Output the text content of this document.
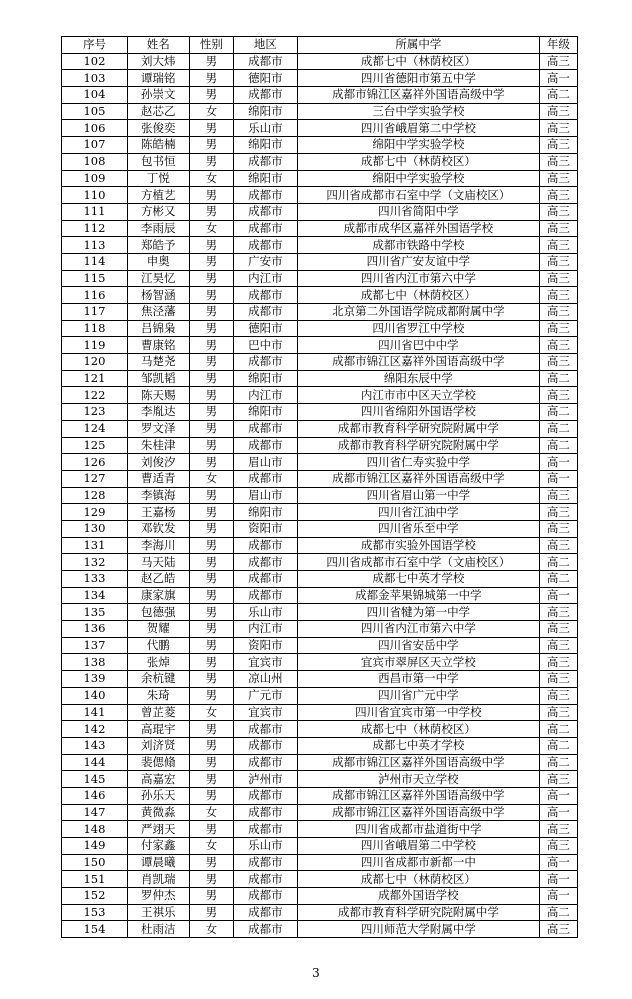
序号	姓名	性别	地区	所属中学	年级
102	刘大炜	男	成都市	成都七中（林荫校区）	高三
103	谭瑞铭	男	德阳市	四川省德阳市第五中学	高一
104	孙崇文	男	成都市	成都市锦江区嘉祥外国语高级中学	高二
105	赵芯乙	女	绵阳市	三台中学实验学校	高三
106	张俊奕	男	乐山市	四川省峨眉第二中学校	高三
107	陈皓楠	男	绵阳市	绵阳中学实验学校	高三
108	包书恒	男	成都市	成都七中（林荫校区）	高三
109	丁悦	女	绵阳市	绵阳中学实验学校	高三
110	方植艺	男	成都市	四川省成都市石室中学（文庙校区）	高三
111	方彬又	男	成都市	四川省简阳中学	高三
112	李雨辰	女	成都市	成都市成华区嘉祥外国语学校	高三
113	郑皓予	男	成都市	成都市铁路中学校	高三
114	申奥	男	广安市	四川省广安友谊中学	高三
115	江昊忆	男	内江市	四川省内江市第六中学	高三
116	杨智涵	男	成都市	成都七中（林荫校区）	高三
117	焦泾藩	男	成都市	北京第二外国语学院成都附属中学	高三
118	吕锦枭	男	德阳市	四川省罗江中学校	高三
119	曹康铭	男	巴中市	四川省巴中中学	高三
120	马楚尧	男	成都市	成都市锦江区嘉祥外国语高级中学	高三
121	邹凯韬	男	绵阳市	绵阳东辰中学	高二
122	陈天赐	男	内江市	内江市市中区天立学校	高三
123	李胤达	男	绵阳市	四川省绵阳外国语学校	高二
124	罗文泽	男	成都市	成都市教育科学研究院附属中学	高二
125	朱桂津	男	成都市	成都市教育科学研究院附属中学	高二
126	刘俊汐	男	眉山市	四川省仁寿实验中学	高一
127	曹适青	女	成都市	成都市锦江区嘉祥外国语高级中学	高一
128	李镇海	男	眉山市	四川省眉山第一中学	高三
129	王嘉杨	男	绵阳市	四川省江油中学	高三
130	邓钦发	男	资阳市	四川省乐至中学	高三
131	李海川	男	成都市	成都市实验外国语学校	高三
132	马天陆	男	成都市	四川省成都市石室中学（文庙校区）	高二
133	赵乙皓	男	成都市	成都七中英才学校	高二
134	康家旗	男	成都市	成都金苹果锦城第一中学	高一
135	包德强	男	乐山市	四川省犍为第一中学	高三
136	贺耀	男	内江市	四川省内江市第六中学	高三
137	代鹏	男	资阳市	四川省安岳中学	高三
138	张焯	男	宜宾市	宜宾市翠屏区天立学校	高三
139	余杭键	男	凉山州	西昌市第一中学	高三
140	朱琦	男	广元市	四川省广元中学	高三
141	曾芷菱	女	宜宾市	四川省宜宾市第一中学校	高三
142	高琨宇	男	成都市	成都七中（林荫校区）	高二
143	刘济贤	男	成都市	成都七中英才学校	高二
144	裴偲翛	男	成都市	成都市锦江区嘉祥外国语高级中学	高二
145	高嘉宏	男	泸州市	泸州市天立学校	高三
146	孙乐天	男	成都市	成都市锦江区嘉祥外国语高级中学	高一
147	黄微淼	女	成都市	成都市锦江区嘉祥外国语高级中学	高一
148	严翊天	男	成都市	四川省成都市盐道街中学	高三
149	付家鑫	女	乐山市	四川省峨眉第二中学校	高三
150	谭晨曦	男	成都市	四川省成都市新都一中	高一
151	肖凯瑞	男	成都市	成都七中（林荫校区）	高一
152	罗仲杰	男	成都市	成都外国语学校	高一
153	王祺乐	男	成都市	成都市教育科学研究院附属中学	高二
154	杜雨洁	女	成都市	四川师范大学附属中学	高三
3
